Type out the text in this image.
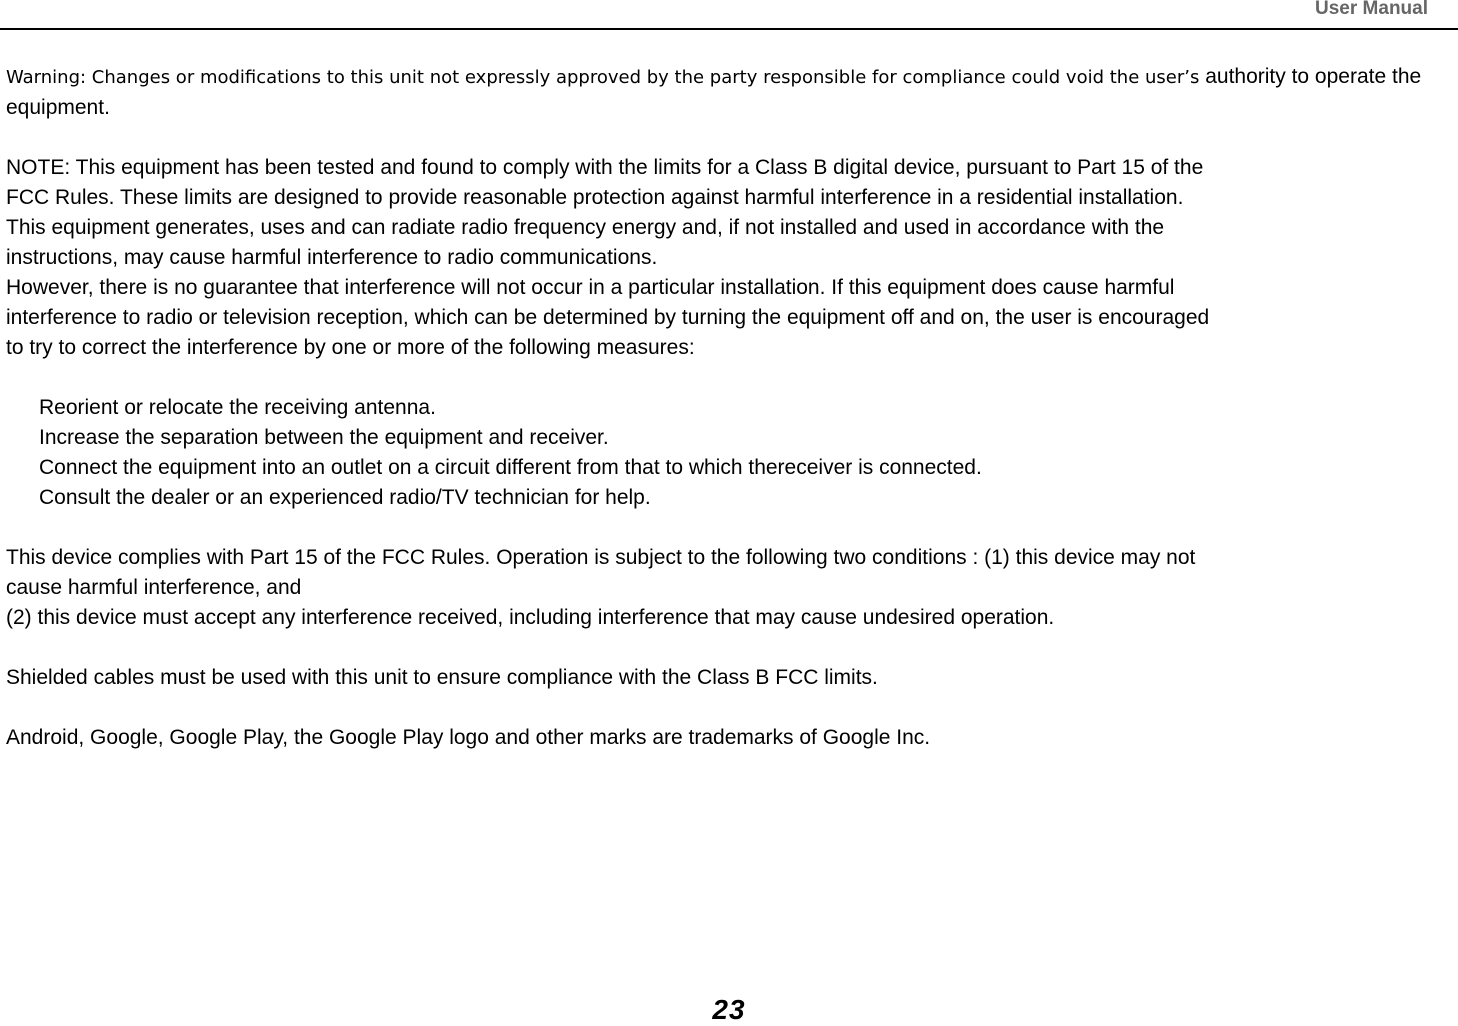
User Manual

Warning: Changes or modifications to this unit not expressly approved by the party responsible for compliance could void the user’s authority to operate the equipment.

NOTE: This equipment has been tested and found to comply with the limits for a Class B digital device, pursuant to Part 15 of the

FCC Rules. These limits are designed to provide reasonable protection against harmful interference in a residential installation.

This equipment generates, uses and can radiate radio frequency energy and, if not installed and used in accordance with the

instructions, may cause harmful interference to radio communications.

However, there is no guarantee that interference will not occur in a particular installation. If this equipment does cause harmful

interference to radio or television reception, which can be determined by turning the equipment off and on, the user is encouraged

to try to correct the interference by one or more of the following measures:

Reorient or relocate the receiving antenna.
Increase the separation between the equipment and receiver.
Connect the equipment into an outlet on a circuit different from that to which thereceiver is connected.
Consult the dealer or an experienced radio/TV technician for help.

This device complies with Part 15 of the FCC Rules. Operation is subject to the following two conditions : (1) this device may not

cause harmful interference, and

(2) this device must accept any interference received, including interference that may cause undesired operation.

Shielded cables must be used with this unit to ensure compliance with the Class B FCC limits.

Android, Google, Google Play, the Google Play logo and other marks are trademarks of Google Inc.

23
